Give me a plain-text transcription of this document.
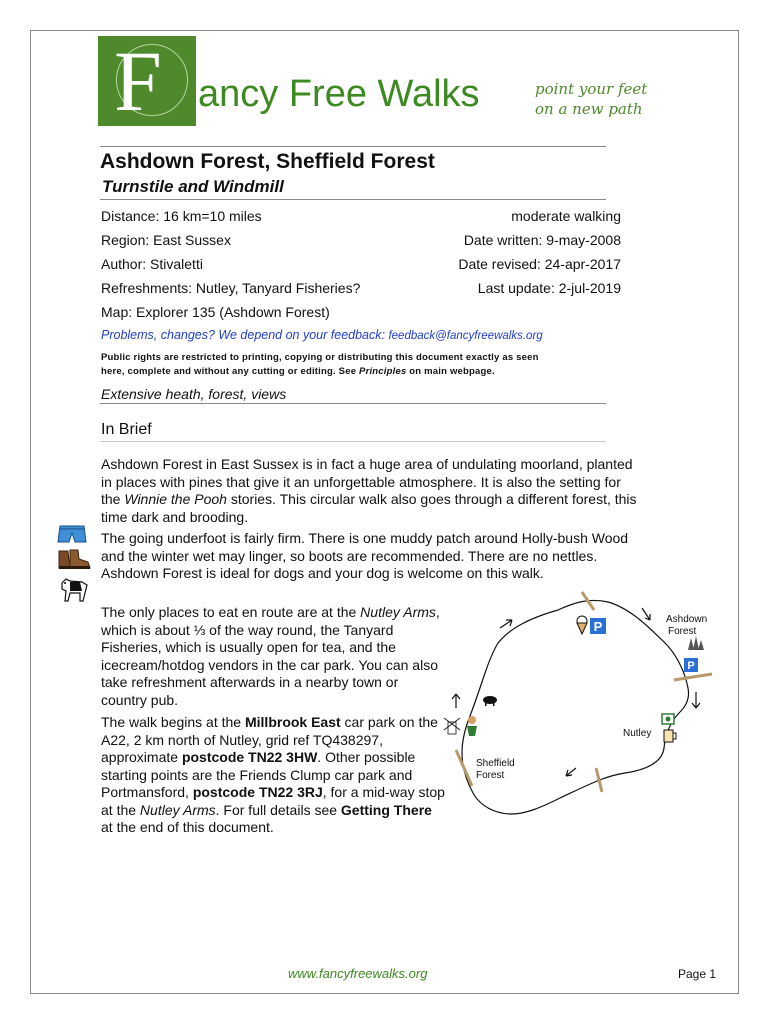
F ancy Free Walks	point your feet
on a new path
Ashdown Forest, Sheffield Forest
Turnstile and Windmill
Distance: 16 km=10 miles	moderate walking
Region: East Sussex	Date written: 9-may-2008
Author: Stivaletti	Date revised: 24-apr-2017
Refreshments: Nutley, Tanyard Fisheries?	Last update: 2-jul-2019
Map: Explorer 135 (Ashdown Forest)
Problems, changes? We depend on your feedback: feedback@fancyfreewalks.org
Public rights are restricted to printing, copying or distributing this document exactly as seen
here, complete and without any cutting or editing. See Principles on main webpage.
Extensive heath, forest, views
In Brief
Ashdown Forest in East Sussex is in fact a huge area of undulating moorland, planted in places with pines that give it an unforgettable atmosphere. It is also the setting for the Winnie the Pooh stories. This circular walk also goes through a different forest, this time dark and brooding.
The going underfoot is fairly firm. There is one muddy patch around Holly-bush Wood and the winter wet may linger, so boots are recommended. There are no nettles. Ashdown Forest is ideal for dogs and your dog is welcome on this walk.
The only places to eat en route are at the Nutley Arms, which is about ⅓ of the way round, the Tanyard Fisheries, which is usually open for tea, and the icecream/hotdog vendors in the car park. You can also take refreshment afterwards in a nearby town or country pub.
The walk begins at the Millbrook East car park on the A22, 2 km north of Nutley, grid ref TQ438297, approximate postcode TN22 3HW. Other possible starting points are the Friends Clump car park and Portmansford, postcode TN22 3RJ, for a mid-way stop at the Nutley Arms. For full details see Getting There at the end of this document.
P
P
Ashdown
Forest
Nutley
Sheffield
Forest
www.fancyfreewalks.org	Page 1
